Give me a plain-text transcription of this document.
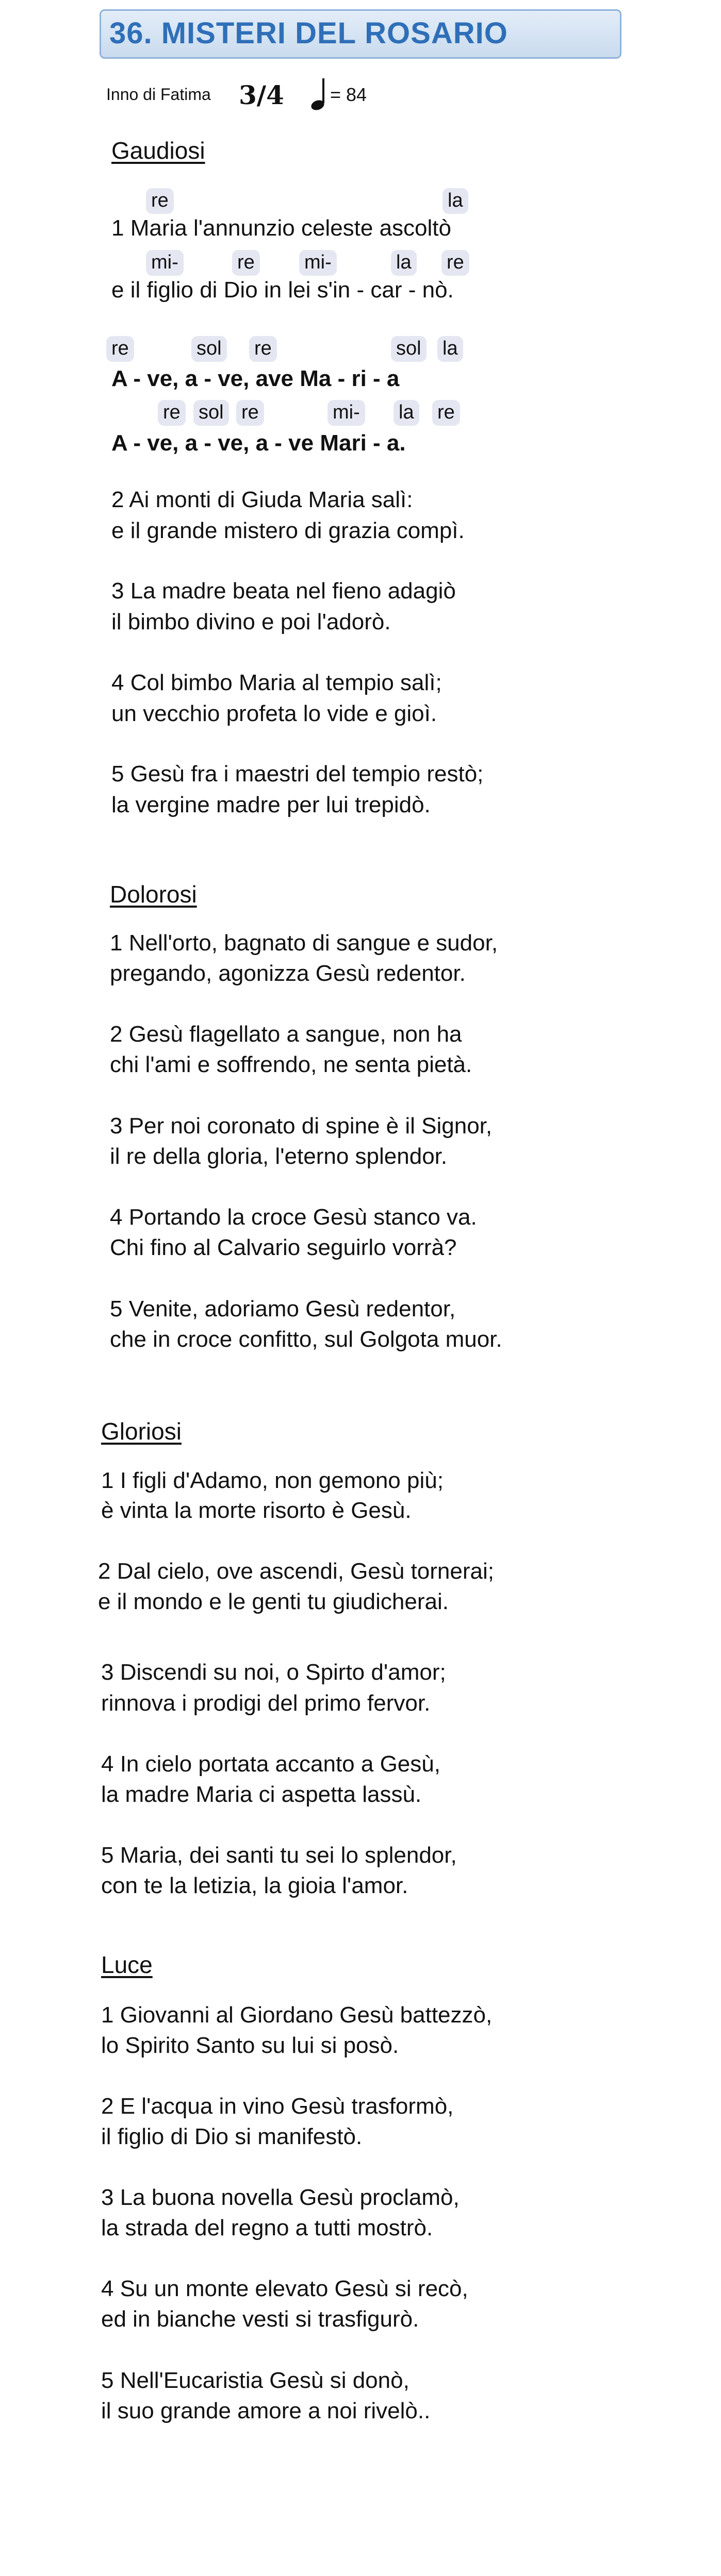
36. MISTERI DEL ROSARIO
Inno di Fatima 3/4 = 84
Gaudiosi
re	la
1 Maria l'annunzio celeste ascoltò
mi-	re	mi-	la re
e il figlio di Dio in lei s'in - car - nò.
re	sol re	sol la
A - ve, a - ve, ave Ma - ri - a
re sol re	mi- la re
A - ve, a - ve, a - ve Mari - a.
2 Ai monti di Giuda Maria salì:
e il grande mistero di grazia compì.
3 La madre beata nel fieno adagiò
il bimbo divino e poi l'adorò.
4 Col bimbo Maria al tempio salì;
un vecchio profeta lo vide e gioì.
5 Gesù fra i maestri del tempio restò;
la vergine madre per lui trepidò.
Dolorosi
1 Nell'orto, bagnato di sangue e sudor,
pregando, agonizza Gesù redentor.
2 Gesù flagellato a sangue, non ha
chi l'ami e soffrendo, ne senta pietà.
3 Per noi coronato di spine è il Signor,
il re della gloria, l'eterno splendor.
4 Portando la croce Gesù stanco va.
Chi fino al Calvario seguirlo vorrà?
5 Venite, adoriamo Gesù redentor,
che in croce confitto, sul Golgota muor.
Gloriosi
1 I figli d'Adamo, non gemono più;
è vinta la morte risorto è Gesù.
2 Dal cielo, ove ascendi, Gesù tornerai;
e il mondo e le genti tu giudicherai.
3 Discendi su noi, o Spirto d'amor;
rinnova i prodigi del primo fervor.
4 In cielo portata accanto a Gesù,
la madre Maria ci aspetta lassù.
5 Maria, dei santi tu sei lo splendor,
con te la letizia, la gioia l'amor.
Luce
1 Giovanni al Giordano Gesù battezzò,
lo Spirito Santo su lui si posò.
2 E l'acqua in vino Gesù trasformò,
il figlio di Dio si manifestò.
3 La buona novella Gesù proclamò,
la strada del regno a tutti mostrò.
4 Su un monte elevato Gesù si recò,
ed in bianche vesti si trasfigurò.
5 Nell'Eucaristia Gesù si donò,
il suo grande amore a noi rivelò..
